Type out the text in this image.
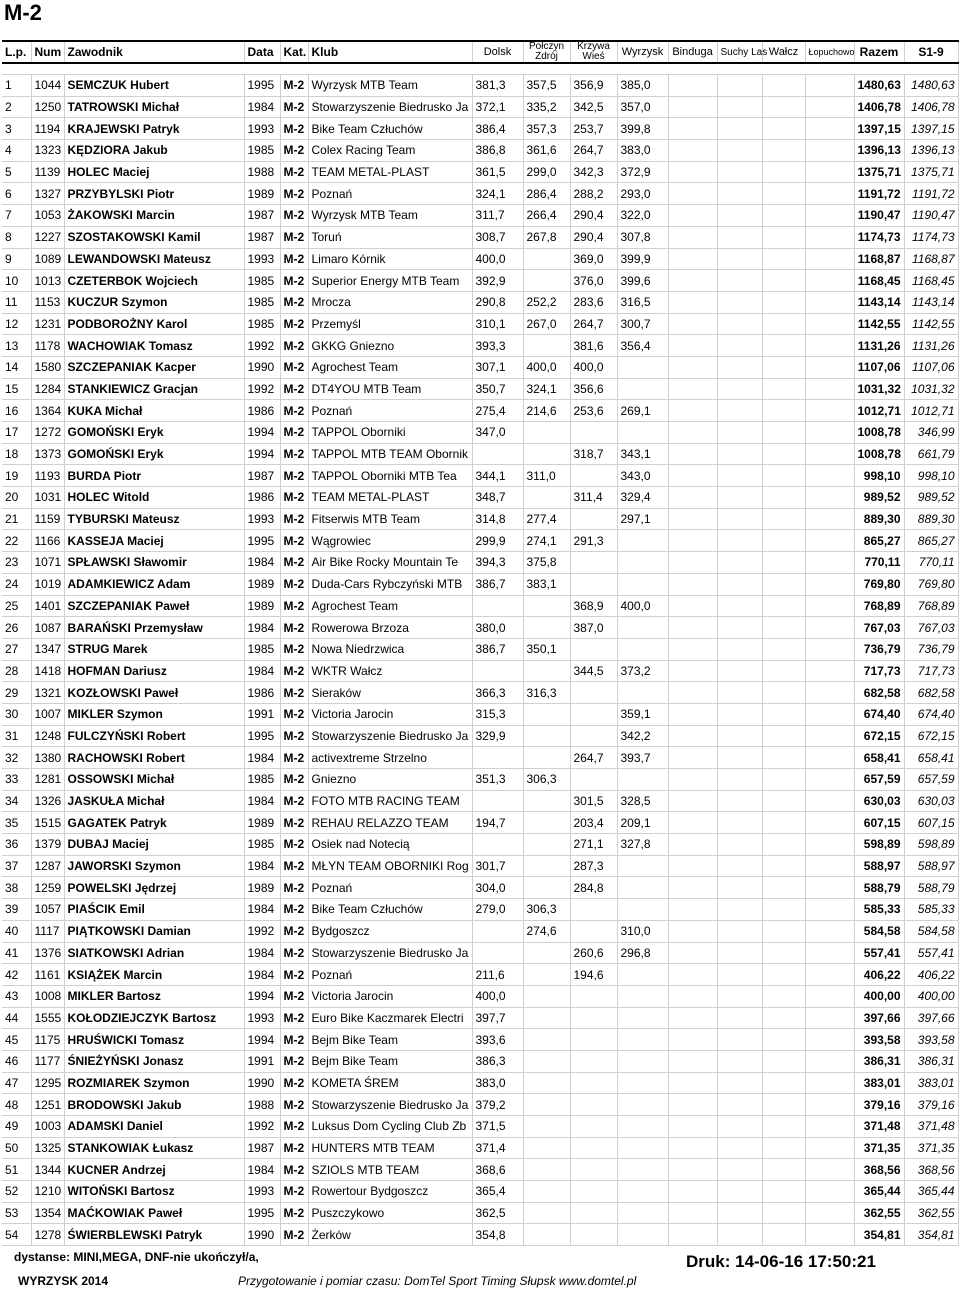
M-2
L.p.	Num	Zawodnik	Data	Kat.	Klub	Dolsk	Połczyn
Zdrój	Krzywa
Wieś	Wyrzysk	Binduga	Suchy Las	Wałcz	Łopuchowo	Razem	S1-9

1	1044	SEMCZUK Hubert	1995	M-2	Wyrzysk MTB Team	381,3	357,5	356,9	385,0					1480,63	1480,63
2	1250	TATROWSKI Michał	1984	M-2	Stowarzyszenie Biedrusko Ja	372,1	335,2	342,5	357,0					1406,78	1406,78
3	1194	KRAJEWSKI Patryk	1993	M-2	Bike Team Człuchów	386,4	357,3	253,7	399,8					1397,15	1397,15
4	1323	KĘDZIORA Jakub	1985	M-2	Colex Racing Team	386,8	361,6	264,7	383,0					1396,13	1396,13
5	1139	HOLEC Maciej	1988	M-2	TEAM METAL-PLAST	361,5	299,0	342,3	372,9					1375,71	1375,71
6	1327	PRZYBYLSKI Piotr	1989	M-2	Poznań	324,1	286,4	288,2	293,0					1191,72	1191,72
7	1053	ŻAKOWSKI Marcin	1987	M-2	Wyrzysk MTB Team	311,7	266,4	290,4	322,0					1190,47	1190,47
8	1227	SZOSTAKOWSKI Kamil	1987	M-2	Toruń	308,7	267,8	290,4	307,8					1174,73	1174,73
9	1089	LEWANDOWSKI Mateusz	1993	M-2	Limaro Kórnik	400,0		369,0	399,9					1168,87	1168,87
10	1013	CZETERBOK Wojciech	1985	M-2	Superior Energy MTB Team	392,9		376,0	399,6					1168,45	1168,45
11	1153	KUCZUR Szymon	1985	M-2	Mrocza	290,8	252,2	283,6	316,5					1143,14	1143,14
12	1231	PODBOROŻNY Karol	1985	M-2	Przemyśl	310,1	267,0	264,7	300,7					1142,55	1142,55
13	1178	WACHOWIAK Tomasz	1992	M-2	GKKG Gniezno	393,3		381,6	356,4					1131,26	1131,26
14	1580	SZCZEPANIAK Kacper	1990	M-2	Agrochest Team	307,1	400,0	400,0						1107,06	1107,06
15	1284	STANKIEWICZ Gracjan	1992	M-2	DT4YOU MTB Team	350,7	324,1	356,6						1031,32	1031,32
16	1364	KUKA Michał	1986	M-2	Poznań	275,4	214,6	253,6	269,1					1012,71	1012,71
17	1272	GOMOŃSKI Eryk	1994	M-2	TAPPOL Oborniki	347,0								1008,78	346,99
18	1373	GOMOŃSKI Eryk	1994	M-2	TAPPOL MTB TEAM Obornik			318,7	343,1					1008,78	661,79
19	1193	BURDA Piotr	1987	M-2	TAPPOL Oborniki MTB Tea	344,1	311,0		343,0					998,10	998,10
20	1031	HOLEC Witold	1986	M-2	TEAM METAL-PLAST	348,7		311,4	329,4					989,52	989,52
21	1159	TYBURSKI Mateusz	1993	M-2	Fitserwis MTB Team	314,8	277,4		297,1					889,30	889,30
22	1166	KASSEJA Maciej	1995	M-2	Wągrowiec	299,9	274,1	291,3						865,27	865,27
23	1071	SPŁAWSKI Sławomir	1984	M-2	Air Bike Rocky Mountain Te	394,3	375,8							770,11	770,11
24	1019	ADAMKIEWICZ Adam	1989	M-2	Duda-Cars Rybczyński MTB	386,7	383,1							769,80	769,80
25	1401	SZCZEPANIAK Paweł	1989	M-2	Agrochest Team			368,9	400,0					768,89	768,89
26	1087	BARAŃSKI Przemysław	1984	M-2	Rowerowa Brzoza	380,0		387,0						767,03	767,03
27	1347	STRUG Marek	1985	M-2	Nowa Niedrzwica	386,7	350,1							736,79	736,79
28	1418	HOFMAN Dariusz	1984	M-2	WKTR Wałcz			344,5	373,2					717,73	717,73
29	1321	KOZŁOWSKI Paweł	1986	M-2	Sieraków	366,3	316,3							682,58	682,58
30	1007	MIKLER Szymon	1991	M-2	Victoria Jarocin	315,3			359,1					674,40	674,40
31	1248	FULCZYŃSKI Robert	1995	M-2	Stowarzyszenie Biedrusko Ja	329,9			342,2					672,15	672,15
32	1380	RACHOWSKI Robert	1984	M-2	activextreme Strzelno			264,7	393,7					658,41	658,41
33	1281	OSSOWSKI Michał	1985	M-2	Gniezno	351,3	306,3							657,59	657,59
34	1326	JASKUŁA Michał	1984	M-2	FOTO MTB RACING TEAM			301,5	328,5					630,03	630,03
35	1515	GAGATEK Patryk	1989	M-2	REHAU RELAZZO TEAM	194,7		203,4	209,1					607,15	607,15
36	1379	DUBAJ Maciej	1985	M-2	Osiek nad Notecią			271,1	327,8					598,89	598,89
37	1287	JAWORSKI Szymon	1984	M-2	MŁYN TEAM OBORNIKI Rog	301,7		287,3						588,97	588,97
38	1259	POWELSKI Jędrzej	1989	M-2	Poznań	304,0		284,8						588,79	588,79
39	1057	PIAŚCIK Emil	1984	M-2	Bike Team Człuchów	279,0	306,3							585,33	585,33
40	1117	PIĄTKOWSKI Damian	1992	M-2	Bydgoszcz		274,6		310,0					584,58	584,58
41	1376	SIATKOWSKI Adrian	1984	M-2	Stowarzyszenie Biedrusko Ja			260,6	296,8					557,41	557,41
42	1161	KSIĄŻEK Marcin	1984	M-2	Poznań	211,6		194,6						406,22	406,22
43	1008	MIKLER Bartosz	1994	M-2	Victoria Jarocin	400,0								400,00	400,00
44	1555	KOŁODZIEJCZYK Bartosz	1993	M-2	Euro Bike Kaczmarek Electri	397,7								397,66	397,66
45	1175	HRUŚWICKI Tomasz	1994	M-2	Bejm Bike Team	393,6								393,58	393,58
46	1177	ŚNIEŻYŃSKI Jonasz	1991	M-2	Bejm Bike Team	386,3								386,31	386,31
47	1295	ROZMIAREK Szymon	1990	M-2	KOMETA ŚREM	383,0								383,01	383,01
48	1251	BRODOWSKI Jakub	1988	M-2	Stowarzyszenie Biedrusko Ja	379,2								379,16	379,16
49	1003	ADAMSKI Daniel	1992	M-2	Luksus Dom Cycling Club Zb	371,5								371,48	371,48
50	1325	STANKOWIAK Łukasz	1987	M-2	HUNTERS MTB TEAM	371,4								371,35	371,35
51	1344	KUCNER Andrzej	1984	M-2	SZIOLS MTB TEAM	368,6								368,56	368,56
52	1210	WITOŃSKI Bartosz	1993	M-2	Rowertour Bydgoszcz	365,4								365,44	365,44
53	1354	MAĆKOWIAK Paweł	1995	M-2	Puszczykowo	362,5								362,55	362,55
54	1278	ŚWIERBLEWSKI Patryk	1990	M-2	Żerków	354,8								354,81	354,81
dystanse: MINI,MEGA, DNF-nie ukończył/a,
WYRZYSK 2014	Przygotowanie i pomiar czasu: DomTel Sport Timing Słupsk www.domtel.pl
Druk: 14-06-16 17:50:21
